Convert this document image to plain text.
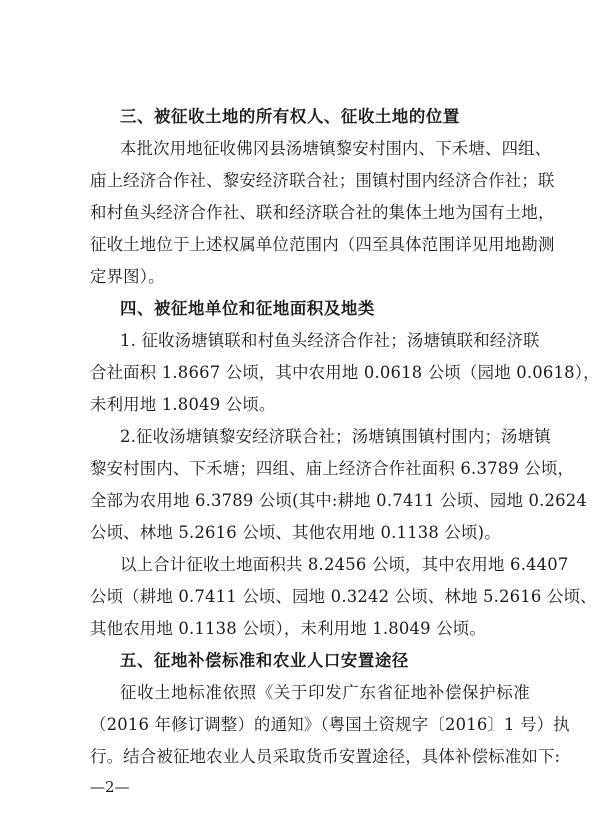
三、被征收土地的所有权人、征收土地的位置
本批次用地征收佛冈县汤塘镇黎安村围内、下禾塘、四组、
庙上经济合作社、黎安经济联合社；围镇村围内经济合作社；联
和村鱼头经济合作社、联和经济联合社的集体土地为国有土地，
征收土地位于上述权属单位范围内（四至具体范围详见用地勘测
定界图）。
四、被征地单位和征地面积及地类
1. 征收汤塘镇联和村鱼头经济合作社；汤塘镇联和经济联
合社面积 1.8667 公顷，其中农用地 0.0618 公顷（园地 0.0618），
未利用地 1.8049 公顷。
2.征收汤塘镇黎安经济联合社；汤塘镇围镇村围内；汤塘镇
黎安村围内、下禾塘；四组、庙上经济合作社面积 6.3789 公顷，
全部为农用地 6.3789 公顷(其中:耕地 0.7411 公顷、园地 0.2624
公顷、林地 5.2616 公顷、其他农用地 0.1138 公顷)。
以上合计征收土地面积共 8.2456 公顷，其中农用地 6.4407
公顷（耕地 0.7411 公顷、园地 0.3242 公顷、林地 5.2616 公顷、
其他农用地 0.1138 公顷），未利用地 1.8049 公顷。
五、征地补偿标准和农业人口安置途径
征收土地标准依照《关于印发广东省征地补偿保护标准
（2016 年修订调整）的通知》（粤国土资规字〔2016〕1 号）执
行。结合被征地农业人员采取货币安置途径，具体补偿标准如下:
—2—
